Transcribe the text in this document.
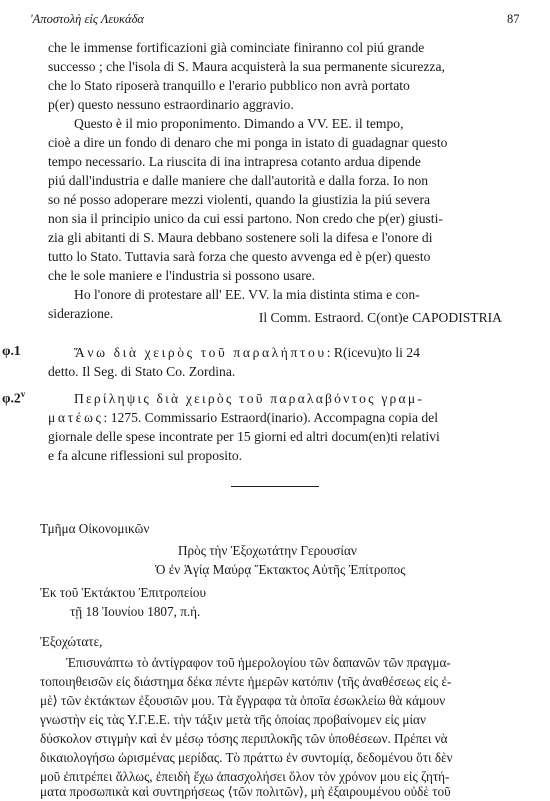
'Αποστολὴ εἰς Λευκάδα	87
che le immense fortificazioni già cominciate finiranno col piú grande
successo ; che l'isola di S. Maura acquisterà la sua permanente sicurezza,
che lo Stato riposerà tranquillo e l'erario pubblico non avrà portato
p(er) questo nessuno estraordinario aggravio.
Questo è il mio proponimento. Dimando a VV. EE. il tempo,
cioè a dire un fondo di denaro che mi ponga in istato di guadagnar questo
tempo necessario. La riuscita di ina intrapresa cotanto ardua dipende
piú dall'industria e dalle maniere che dall'autorità e dalla forza. Io non
so né posso adoperare mezzi violenti, quando la giustizia la piú severa
non sia il principio unico da cui essi partono. Non credo che p(er) giusti-
zia gli abitanti di S. Maura debbano sostenere soli la difesa e l'onore di
tutto lo Stato. Tuttavia sarà forza che questo avvenga ed è p(er) questo
che le sole maniere e l'industria si possono usare.
Ho l'onore di protestare all' EE. VV. la mia distinta stima e con-
siderazione.	Il Comm. Estraord. C(ont)e CAPODISTRIA
φ.1	Ἄνω διὰ χειρὸς τοῦ παραλήπτου: R(icevu)to li 24
detto. Il Seg. di Stato Co. Zordina.
φ.2$^v$	Περίληψις διὰ χειρὸς τοῦ παραλαβόντος γραμ-
ματέως: 1275. Commissario Estraord(inario). Accompagna copia del
giornale delle spese incontrate per 15 giorni ed altri docum(en)ti relativi
e fa alcune riflessioni sul proposito.
Τμῆμα Οἰκονομικῶν
Πρὸς τὴν Ἐξοχωτάτην Γερουσίαν
Ὁ ἐν Ἁγίᾳ Μαύρᾳ Ἔκτακτος Αὐτῆς Ἐπίτροπος
Ἐκ τοῦ Ἐκτάκτου Ἐπιτροπείου
τῇ 18 Ἰουνίου 1807, π.ή.
Ἐξοχώτατε,
Ἐπισυνάπτω τὸ ἀντίγραφον τοῦ ἡμερολογίου τῶν δαπανῶν τῶν πραγμα-
τοποιηθεισῶν εἰς διάστημα δέκα πέντε ἡμερῶν κατόπιν ⟨τῆς ἀναθέσεως εἰς ἐ-
μὲ⟩ τῶν ἐκτάκτων ἐξουσιῶν μου. Τὰ ἔγγραφα τὰ ὁποῖα ἐσωκλείω θὰ κάμουν
γνωστὴν εἰς τὰς Υ.Γ.Ε.Ε. τὴν τάξιν μετὰ τῆς ὁποίας προβαίνομεν εἰς μίαν
δύσκολον στιγμὴν καὶ ἐν μέσῳ τόσης περιπλοκῆς τῶν ὑποθέσεων. Πρέπει νὰ
δικαιολογήσω ὡρισμένας μερίδας. Τὸ πράττω ἐν συντομίᾳ, δεδομένου ὅτι δὲν
μοῦ ἐπιτρέπει ἄλλως, ἐπειδὴ ἔχω ἀπασχολήσει ὅλον τὸν χρόνον μου εἰς ζητή-
ματα προσωπικὰ καὶ συντηρήσεως ⟨τῶν πολιτῶν⟩, μὴ ἐξαιρουμένου οὐδὲ τοῦ
